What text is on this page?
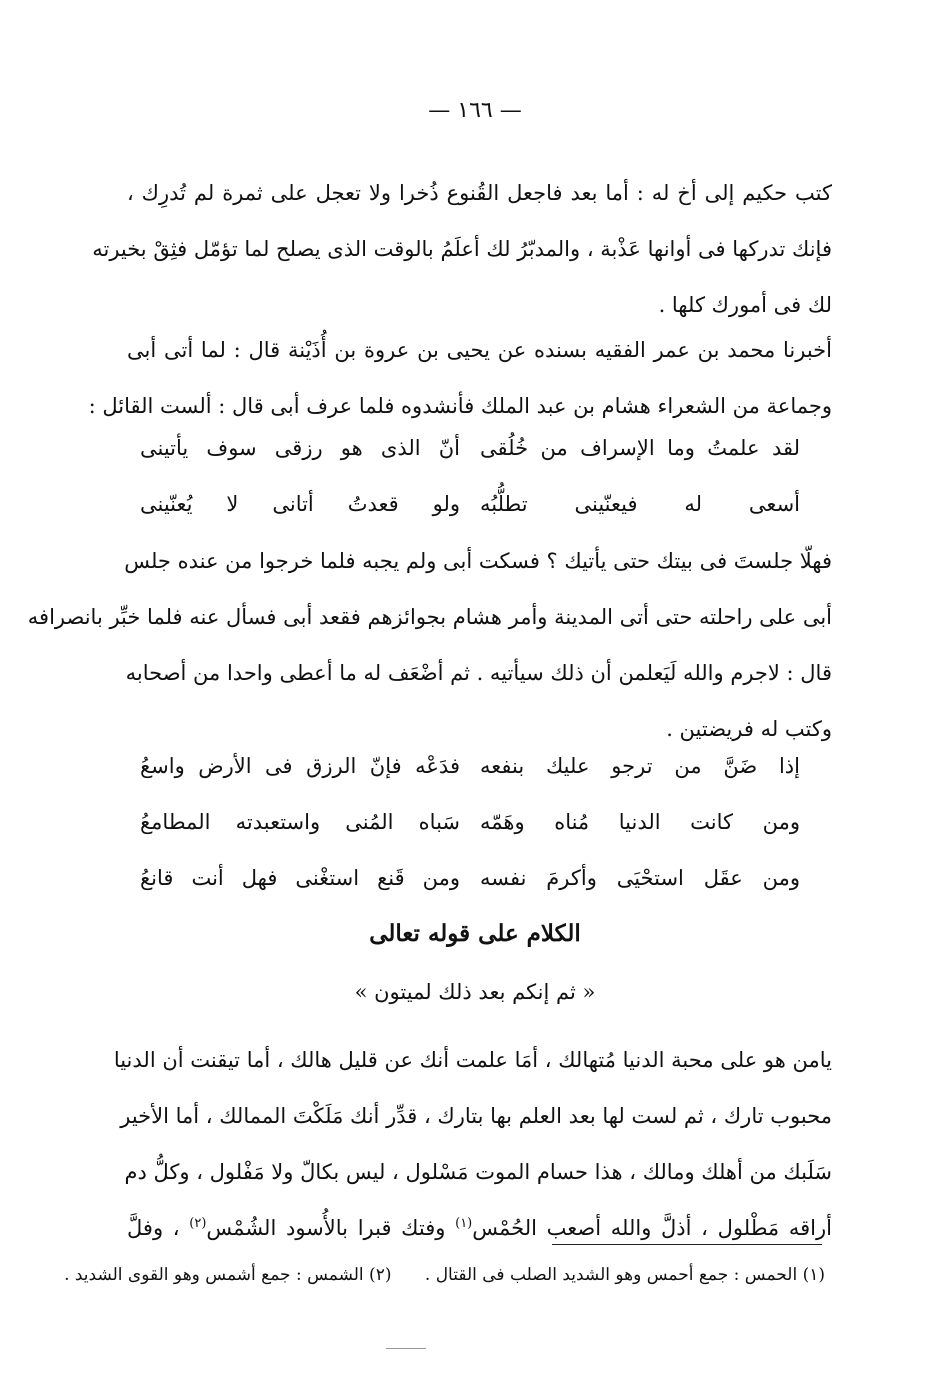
— ١٦٦ —
كتب حكيم إلى أخ له : أما بعد فاجعل القُنوع ذُخرا ولا تعجل على ثمرة لم تُدرِك ،
فإنك تدركها فى أوانها عَذْبة ، والمدبّرُ لك أعلَمُ بالوقت الذى يصلح لما تؤمّل فثِقْ بخيرته
لك فى أمورك كلها .
أخبرنا محمد بن عمر الفقيه بسنده عن يحيى بن عروة بن أُذَيْنة قال : لما أتى أبى
وجماعة من الشعراء هشام بن عبد الملك فأنشدوه فلما عرف أبى قال : ألست القائل :
لقد علمتُ وما الإسراف من خُلُقى
أنّ الذى هو رزقى سوف يأتينى
أسعى له فيعنّينى تطلُّبُه
ولو قعدتُ أتانى لا يُعنّينى
فهلّا جلستَ فى بيتك حتى يأتيك ؟ فسكت أبى ولم يجبه فلما خرجوا من عنده جلس
أبى على راحلته حتى أتى المدينة وأمر هشام بجوائزهم فقعد أبى فسأل عنه فلما خبِّر بانصرافه
قال : لاجرم والله لَيَعلمن أن ذلك سيأتيه . ثم أضْعَف له ما أعطى واحدا من أصحابه
وكتب له فريضتين .
إذا ضَنَّ من ترجو عليك بنفعه
فدَعْه فإنّ الرزق فى الأرض واسعُ
ومن كانت الدنيا مُناه وهَمّه
سَباه المُنى واستعبدته المطامعُ
ومن عقَل استحْيَى وأكرمَ نفسه
ومن قَنع استغْنى فهل أنت قانعُ
الكلام على قوله تعالى
« ثم إنكم بعد ذلك لميتون »
يامن هو على محبة الدنيا مُتهالك ، أمَا علمت أنك عن قليل هالك ، أما تيقنت أن الدنيا
محبوب تارك ، ثم لست لها بعد العلم بها بتارك ، قدِّر أنك مَلَكْتَ الممالك ، أما الأخير
سَلَبك من أهلك ومالك ، هذا حسام الموت مَسْلول ، ليس بكالّ ولا مَفْلول ، وكلُّ دم
أراقه مَطْلول ، أذلَّ والله أصعب الحُمْس$^{(١)}$ وفتك قبرا بالأُسود الشُمْس$^{(٢)}$ ، وفلَّ
(١) الحمس : جمع أحمس وهو الشديد الصلب فى القتال . (٢) الشمس : جمع أشمس وهو القوى الشديد .
